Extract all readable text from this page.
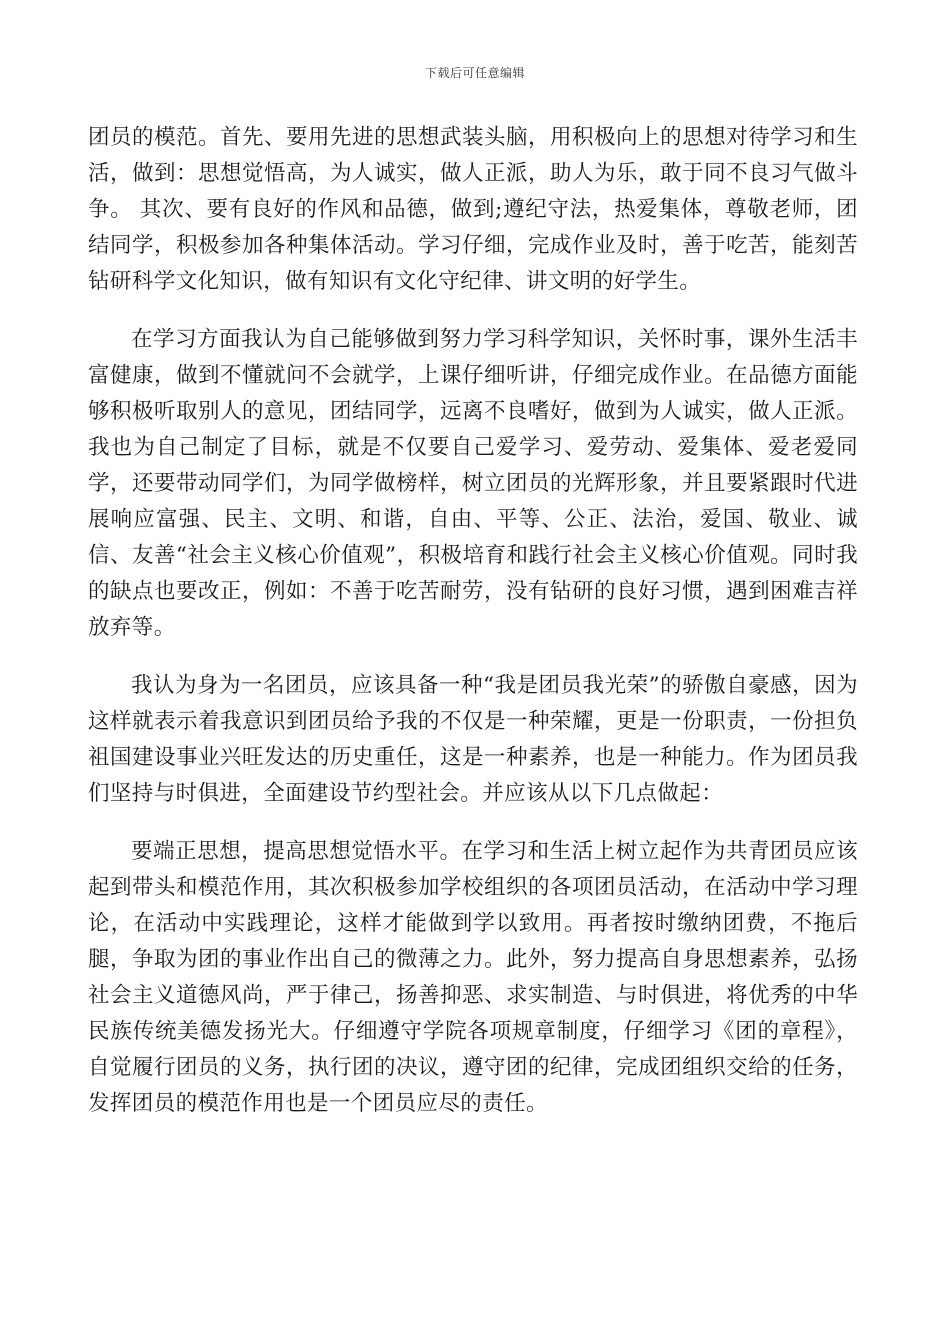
下载后可任意编辑

团员的模范。首先、要用先进的思想武装头脑，用积极向上的思想对待学习和生活，做到：思想觉悟高，为人诚实，做人正派，助人为乐，敢于同不良习气做斗争。 其次、要有良好的作风和品德，做到;遵纪守法，热爱集体，尊敬老师，团结同学，积极参加各种集体活动。学习仔细，完成作业及时，善于吃苦，能刻苦钻研科学文化知识，做有知识有文化守纪律、讲文明的好学生。

在学习方面我认为自己能够做到努力学习科学知识，关怀时事，课外生活丰富健康，做到不懂就问不会就学，上课仔细听讲，仔细完成作业。在品德方面能够积极听取别人的意见，团结同学，远离不良嗜好，做到为人诚实，做人正派。我也为自己制定了目标，就是不仅要自己爱学习、爱劳动、爱集体、爱老爱同学，还要带动同学们，为同学做榜样，树立团员的光辉形象，并且要紧跟时代进展响应富强、民主、文明、和谐，自由、平等、公正、法治，爱国、敬业、诚信、友善“社会主义核心价值观”，积极培育和践行社会主义核心价值观。同时我的缺点也要改正，例如：不善于吃苦耐劳，没有钻研的良好习惯，遇到困难吉祥放弃等。

我认为身为一名团员，应该具备一种“我是团员我光荣”的骄傲自豪感，因为这样就表示着我意识到团员给予我的不仅是一种荣耀，更是一份职责，一份担负祖国建设事业兴旺发达的历史重任，这是一种素养，也是一种能力。作为团员我们坚持与时俱进，全面建设节约型社会。并应该从以下几点做起：

要端正思想，提高思想觉悟水平。在学习和生活上树立起作为共青团员应该起到带头和模范作用，其次积极参加学校组织的各项团员活动，在活动中学习理论，在活动中实践理论，这样才能做到学以致用。再者按时缴纳团费，不拖后腿，争取为团的事业作出自己的微薄之力。此外，努力提高自身思想素养，弘扬社会主义道德风尚，严于律己，扬善抑恶、求实制造、与时俱进，将优秀的中华民族传统美德发扬光大。仔细遵守学院各项规章制度，仔细学习《团的章程》，自觉履行团员的义务，执行团的决议，遵守团的纪律，完成团组织交给的任务，发挥团员的模范作用也是一个团员应尽的责任。
